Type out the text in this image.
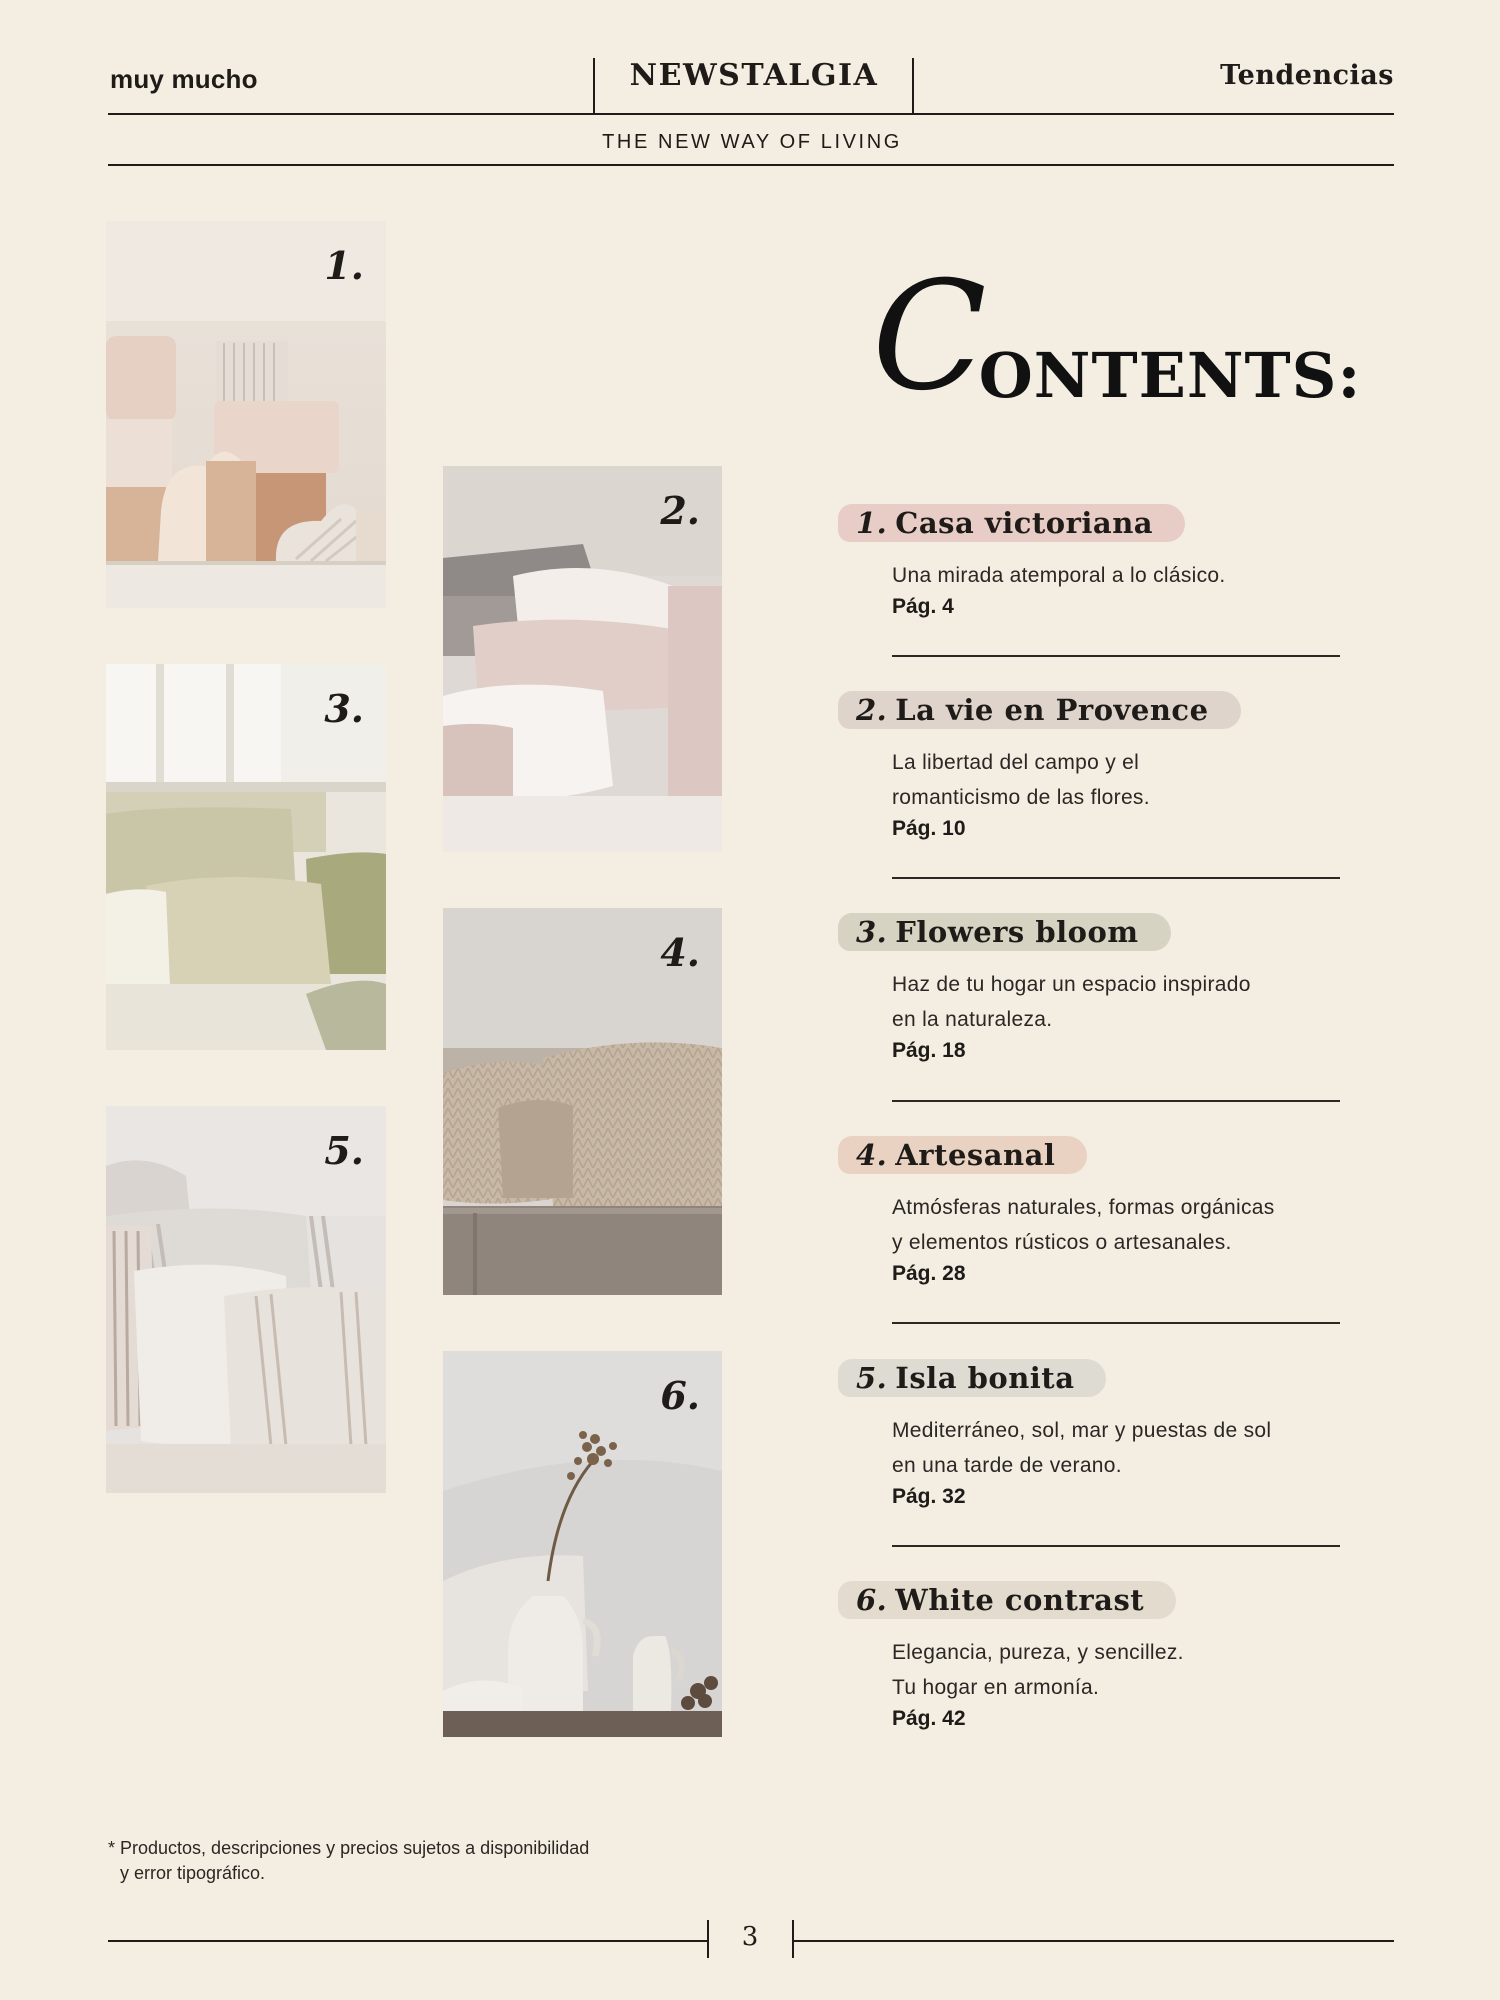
muy mucho	NEWSTALGIA	Tendencias
THE NEW WAY OF LIVING
1.
2.
3.
4.
5.
6.
CONTENTS:
1. Casa victoriana
Una mirada atemporal a lo clásico.
Pág. 4
2. La vie en Provence
La libertad del campo y el
romanticismo de las flores.
Pág. 10
3. Flowers bloom
Haz de tu hogar un espacio inspirado
en la naturaleza.
Pág. 18
4. Artesanal
Atmósferas naturales, formas orgánicas
y elementos rústicos o artesanales.
Pág. 28
5. Isla bonita
Mediterráneo, sol, mar y puestas de sol
en una tarde de verano.
Pág. 32
6. White contrast
Elegancia, pureza, y sencillez.
Tu hogar en armonía.
Pág. 42
* Productos, descripciones y precios sujetos a disponibilidad
y error tipográfico.
3
